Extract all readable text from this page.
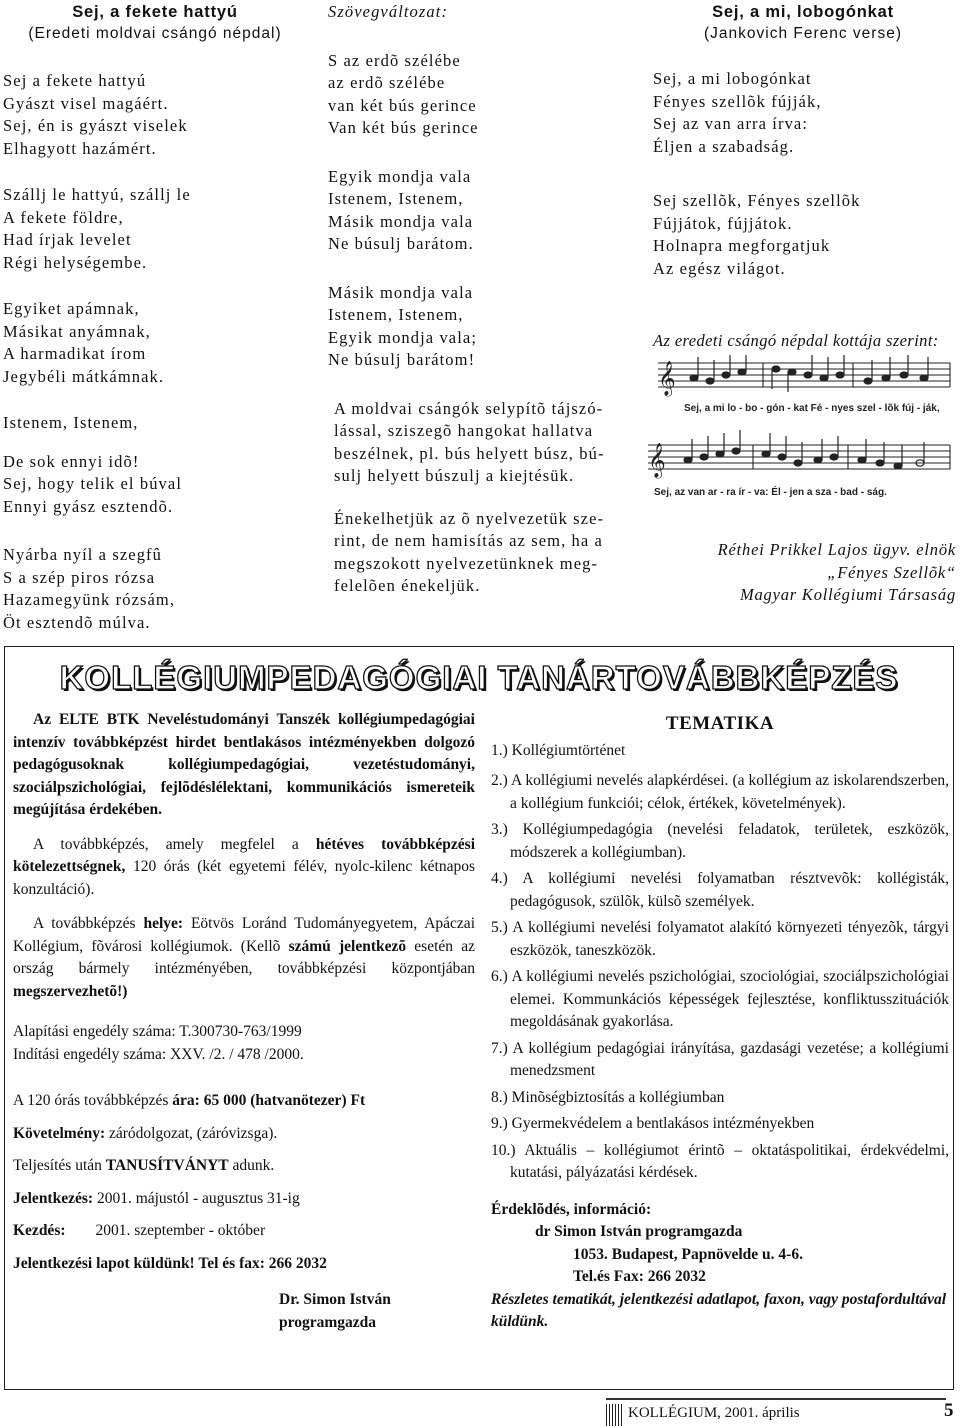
Sej, a fekete hattyú
(Eredeti moldvai csángó népdal)
Sej a fekete hattyú
Gyászt visel magáért.
Sej, én is gyászt viselek
Elhagyott hazámért.
Szállj le hattyú, szállj le
A fekete földre,
Had írjak levelet
Régi helységembe.
Egyiket apámnak,
Másikat anyámnak,
A harmadikat írom
Jegybéli mátkámnak.
Istenem, Istenem,
De sok ennyi idõ!
Sej, hogy telik el búval
Ennyi gyász esztendõ.
Nyárba nyíl a szegfû
S a szép piros rózsa
Hazamegyünk rózsám,
Öt esztendõ múlva.
Szövegváltozat:
S az erdõ szélébe
az erdõ szélébe
van két bús gerince
Van két bús gerince
Egyik mondja vala
Istenem, Istenem,
Másik mondja vala
Ne búsulj barátom.
Másik mondja vala
Istenem, Istenem,
Egyik mondja vala;
Ne búsulj barátom!
A moldvai csángók selypítõ tájszó-
lással, sziszegõ hangokat hallatva
beszélnek, pl. bús helyett búsz, bú-
sulj helyett búszulj a kiejtésük.
Énekelhetjük az õ nyelvezetük sze-
rint, de nem hamisítás az sem, ha a
megszokott nyelvezetünknek meg-
felelõen énekeljük.
Sej, a mi, lobogónkat
(Jankovich Ferenc verse)
Sej, a mi lobogónkat
Fényes szellõk fújják,
Sej az van arra írva:
Éljen a szabadság.
Sej szellõk, Fényes szellõk
Fújjátok, fújjátok.
Holnapra megforgatjuk
Az egész világot.
Az eredeti csángó népdal kottája szerint:
𝄞
𝄞
Sej, a mi lo - bo - gón - kat Fé - nyes szel - lõk fúj - ják,
Sej, az van ar - ra ír - va: Él - jen a sza - bad - ság.
Réthei Prikkel Lajos ügyv. elnök
„Fényes Szellõk“
Magyar Kollégiumi Társaság
KOLLÉGIUMPEDAGÓGIAI TANÁRTOVÁBBKÉPZÉS

Az ELTE BTK Neveléstudományi Tanszék kollégiumpedagógiai intenzív továbbképzést hirdet bentlakásos intézményekben dolgozó pedagógusoknak kollégiumpedagógiai, vezetéstudományi, szociálpszichológiai, fejlõdéslélektani, kommunikációs ismereteik megújítása érdekében.

A továbbképzés, amely megfelel a hétéves továbbképzési kötelezettségnek, 120 órás (két egyetemi félév, nyolc-kilenc kétnapos konzultáció).

A továbbképzés helye: Eötvös Loránd Tudományegyetem, Apáczai Kollégium, fõvárosi kollégiumok. (Kellõ számú jelentkezõ esetén az ország bármely intézményében, továbbképzési központjában megszervezhetõ!)

Alapítási engedély száma: T.300730-763/1999

Indítási engedély száma: XXV. /2. / 478 /2000.

A 120 órás továbbképzés ára: 65 000 (hatvanötezer) Ft

Követelmény: záródolgozat, (záróvizsga).

Teljesítés után TANUSÍTVÁNYT adunk.

Jelentkezés: 2001. májustól - augusztus 31-ig

Kezdés: 2001. szeptember - október

Jelentkezési lapot küldünk! Tel és fax: 266 2032

Dr. Simon István

programgazda

TEMATIKA
1.) Kollégiumtörténet
2.) A kollégiumi nevelés alapkérdései. (a kollégium az iskolarendszerben, a kollégium funkciói; célok, értékek, követelmények).
3.) Kollégiumpedagógia (nevelési feladatok, területek, eszközök, módszerek a kollégiumban).
4.) A kollégiumi nevelési folyamatban résztvevõk: kollégisták, pedagógusok, szülõk, külsõ személyek.
5.) A kollégiumi nevelési folyamatot alakító környezeti tényezõk, tárgyi eszközök, taneszközök.
6.) A kollégiumi nevelés pszichológiai, szociológiai, szociálpszichológiai elemei. Kommunkációs képességek fejlesztése, konfliktusszituációk megoldásának gyakorlása.
7.) A kollégium pedagógiai irányítása, gazdasági vezetése; a kollégiumi menedzsment
8.) Minõségbiztosítás a kollégiumban
9.) Gyermekvédelem a bentlakásos intézményekben
10.) Aktuális – kollégiumot érintõ – oktatáspolitikai, érdekvédelmi, kutatási, pályázatási kérdések.
Érdeklõdés, információ:
dr Simon István programgazda
1053. Budapest, Papnövelde u. 4-6.
Tel.és Fax: 266 2032
Részletes tematikát, jelentkezési adatlapot, faxon, vagy postafordultával küldünk.
KOLLÉGIUM, 2001. április	5
